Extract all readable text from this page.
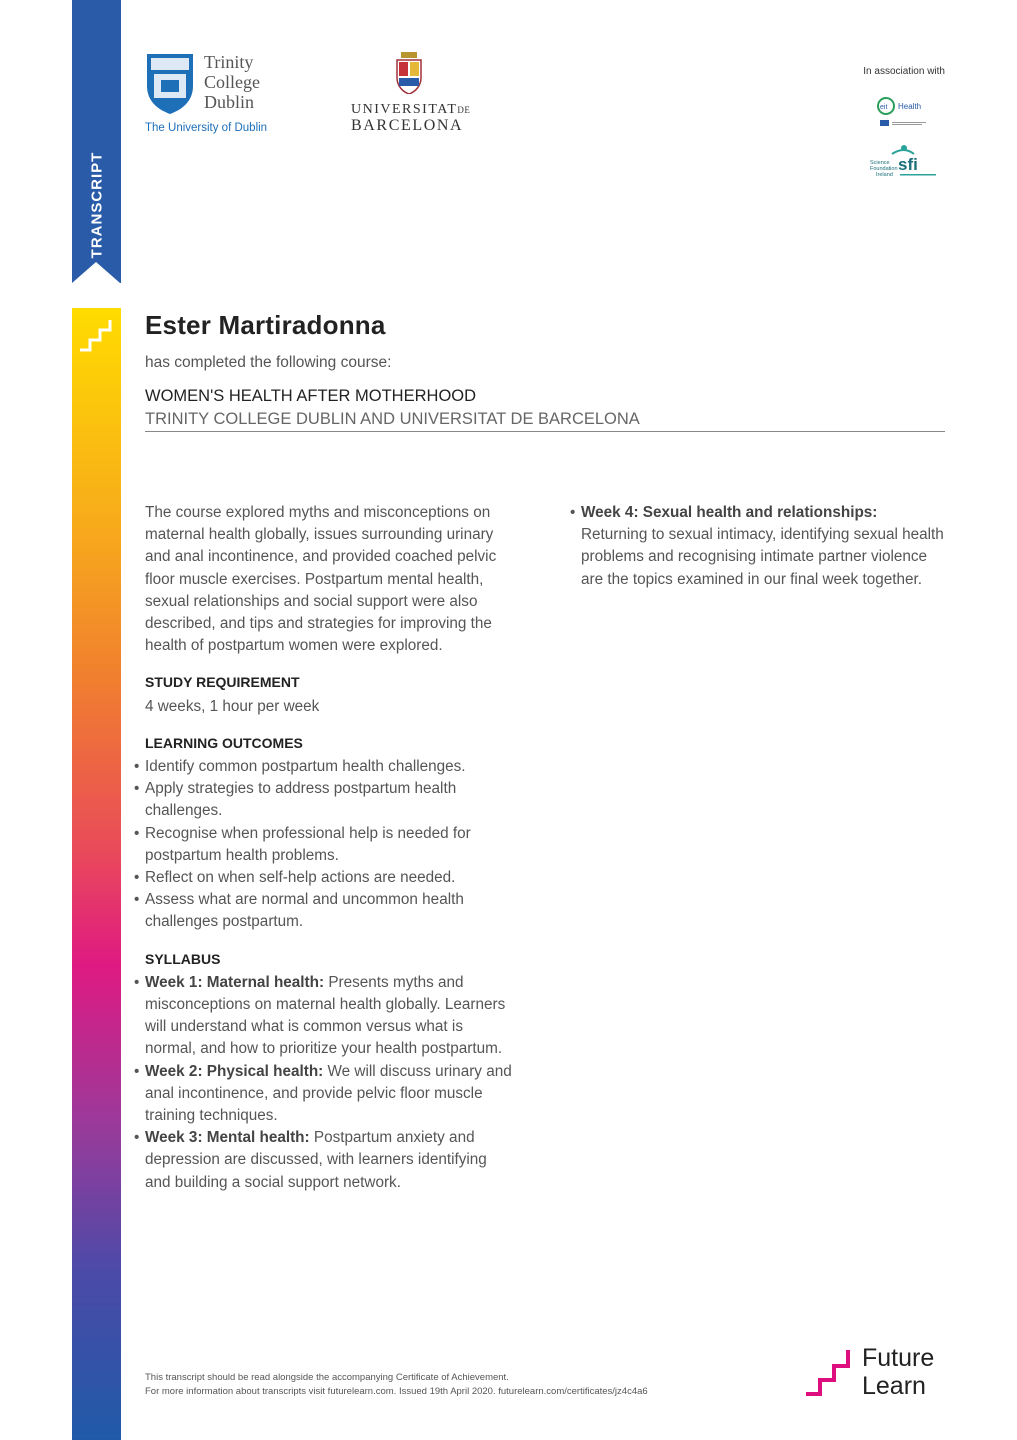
TRANSCRIPT
Trinity
College
Dublin
The University of Dublin
UNIVERSITATDE
BARCELONA
In association with
eit Health
Science
Foundation
Ireland
sfi
Ester Martiradonna
has completed the following course:
WOMEN'S HEALTH AFTER MOTHERHOOD
TRINITY COLLEGE DUBLIN AND UNIVERSITAT DE BARCELONA

The course explored myths and misconceptions on maternal health globally, issues surrounding urinary and anal incontinence, and provided coached pelvic floor muscle exercises. Postpartum mental health, sexual relationships and social support were also described, and tips and strategies for improving the health of postpartum women were explored.

STUDY REQUIREMENT

4 weeks, 1 hour per week

LEARNING OUTCOMES
• Identify common postpartum health challenges.
• Apply strategies to address postpartum health challenges.
• Recognise when professional help is needed for postpartum health problems.
• Reflect on when self-help actions are needed.
• Assess what are normal and uncommon health challenges postpartum.
SYLLABUS
• Week 1: Maternal health: Presents myths and misconceptions on maternal health globally. Learners will understand what is common versus what is normal, and how to prioritize your health postpartum.
• Week 2: Physical health: We will discuss urinary and anal incontinence, and provide pelvic floor muscle training techniques.
• Week 3: Mental health: Postpartum anxiety and depression are discussed, with learners identifying and building a social support network.
• Week 4: Sexual health and relationships: Returning to sexual intimacy, identifying sexual health problems and recognising intimate partner violence are the topics examined in our final week together.
This transcript should be read alongside the accompanying Certificate of Achievement.
For more information about transcripts visit futurelearn.com. Issued 19th April 2020. futurelearn.com/certificates/jz4c4a6
Future
Learn
